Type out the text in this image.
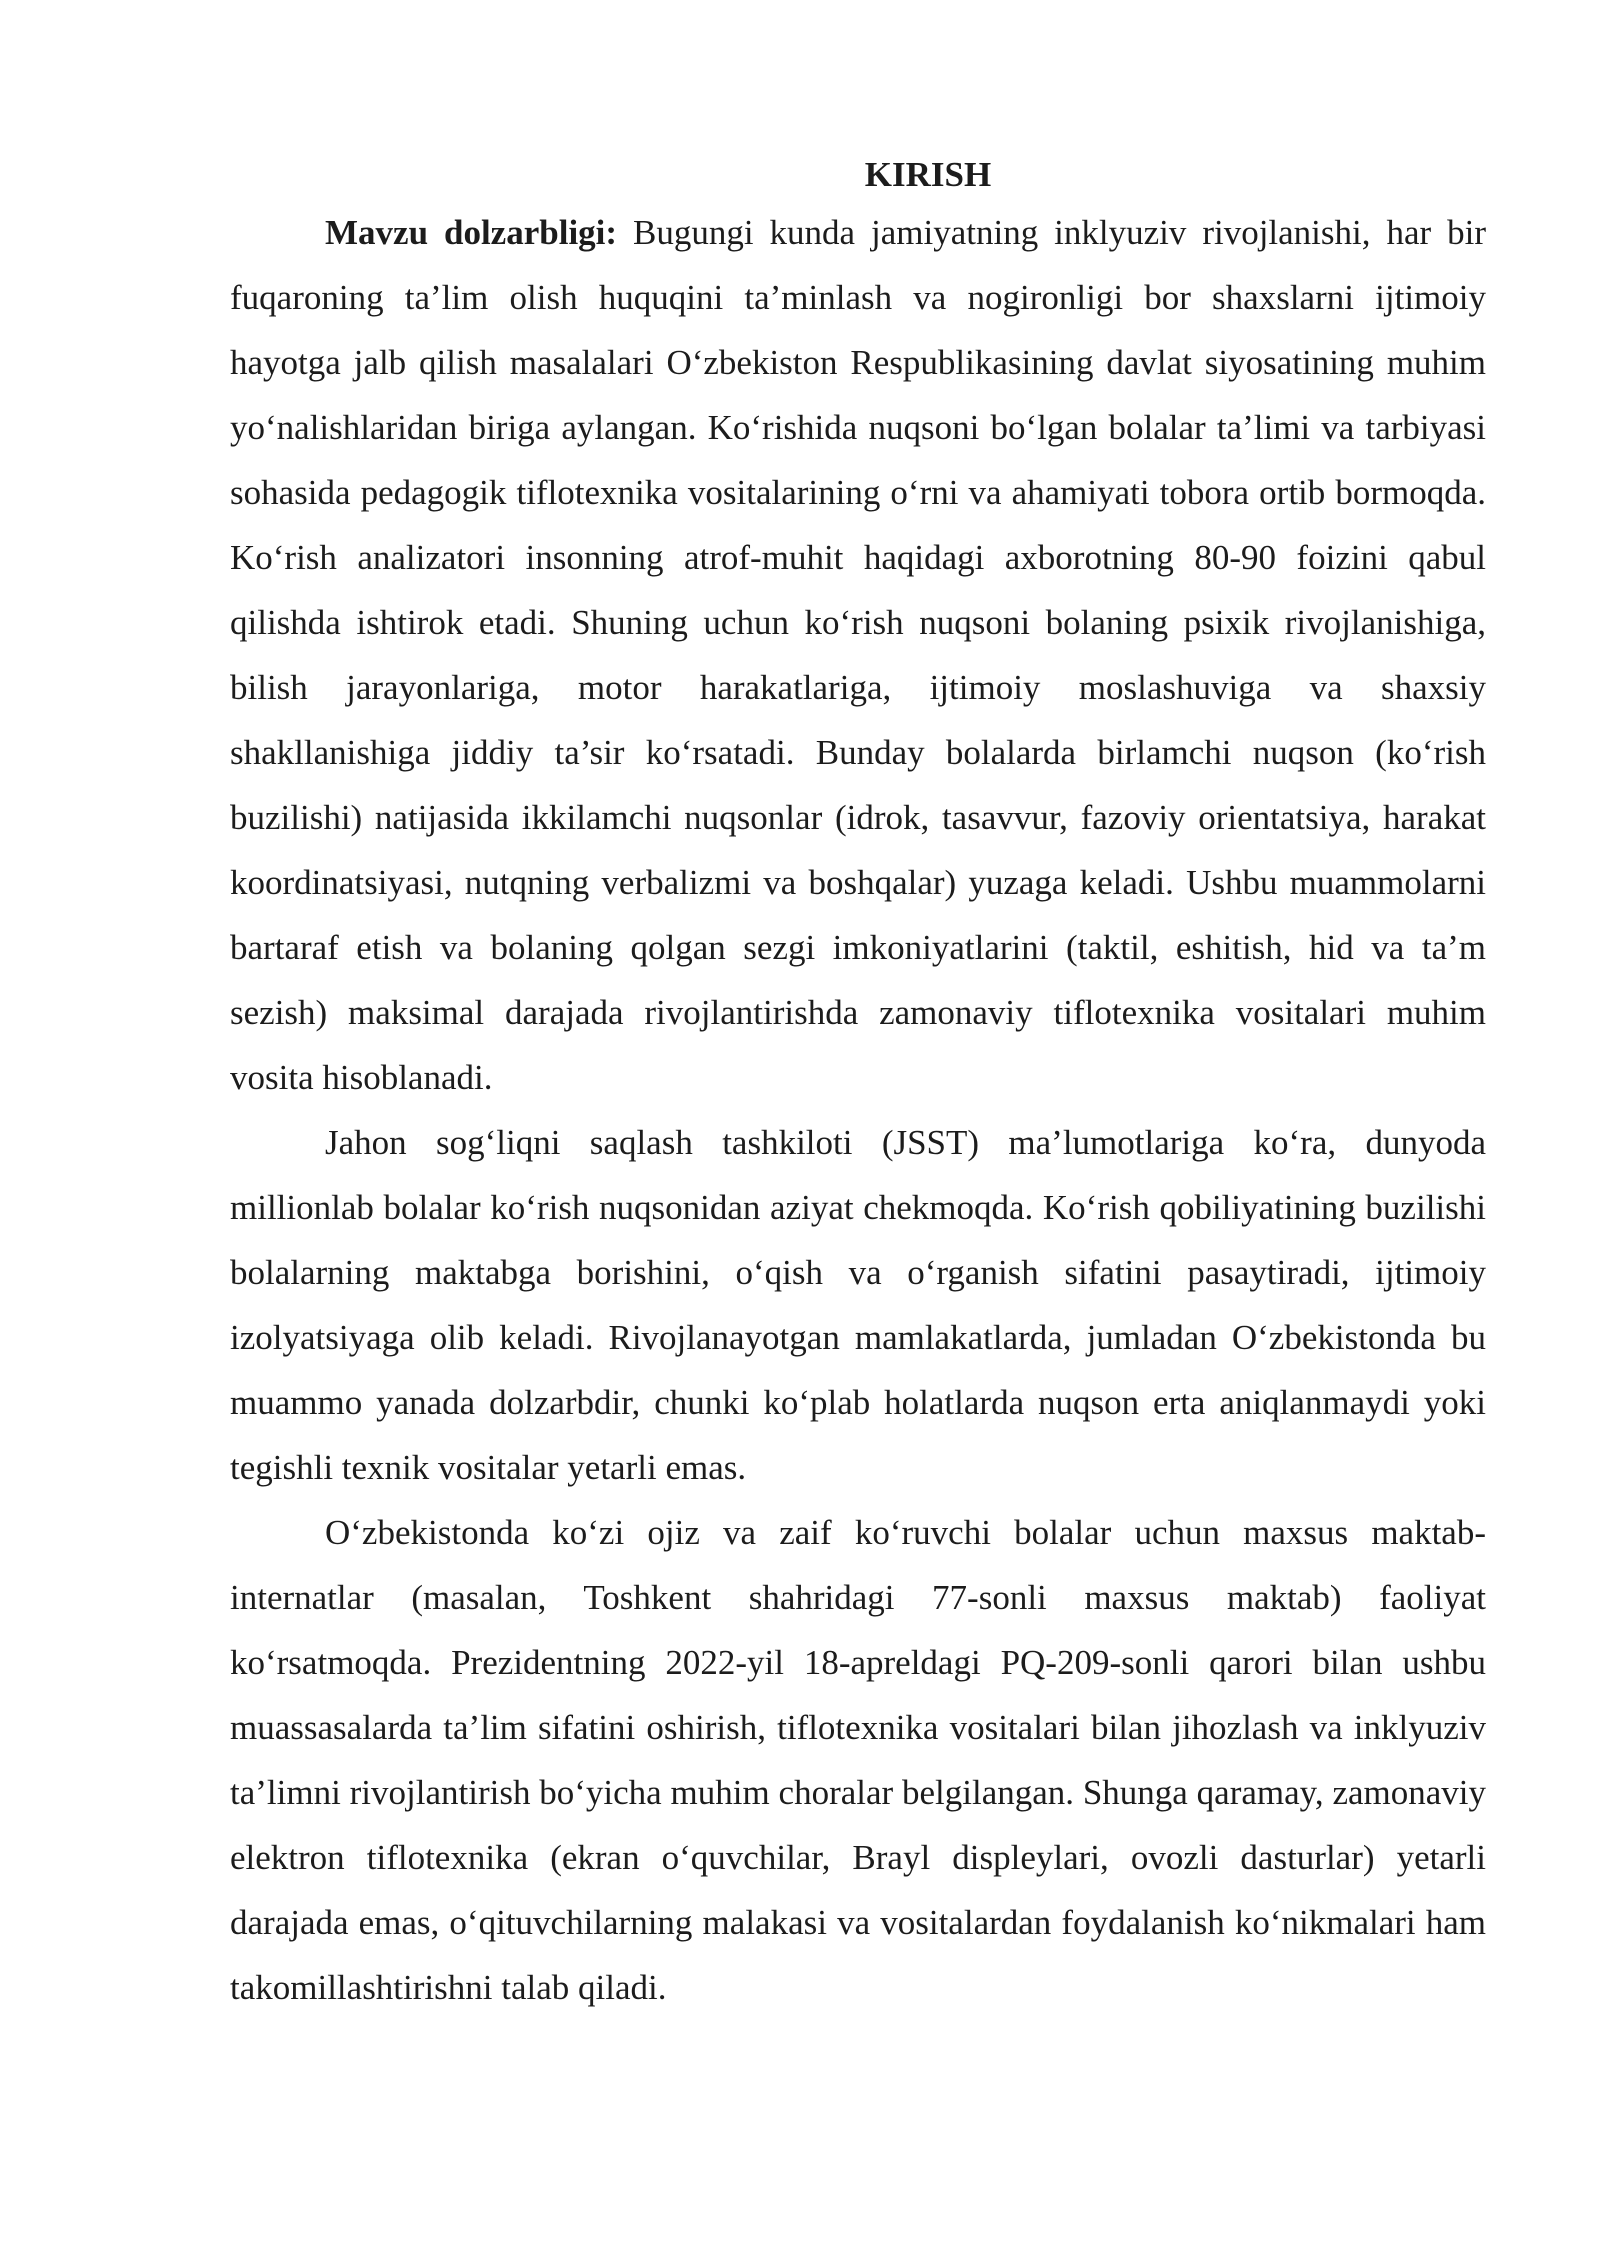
KIRISH

Mavzu dolzarbligi: Bugungi kunda jamiyatning inklyuziv rivojlanishi, har bir fuqaroning ta’lim olish huquqini ta’minlash va nogironligi bor shaxslarni ijtimoiy hayotga jalb qilish masalalari O‘zbekiston Respublikasining davlat siyosatining muhim yo‘nalishlaridan biriga aylangan. Ko‘rishida nuqsoni bo‘lgan bolalar ta’limi va tarbiyasi sohasida pedagogik tiflotexnika vositalarining o‘rni va ahamiyati tobora ortib bormoqda. Ko‘rish analizatori insonning atrof-muhit haqidagi axborotning 80-90 foizini qabul qilishda ishtirok etadi. Shuning uchun ko‘rish nuqsoni bolaning psixik rivojlanishiga, bilish jarayonlariga, motor harakatlariga, ijtimoiy moslashuviga va shaxsiy shakllanishiga jiddiy ta’sir ko‘rsatadi. Bunday bolalarda birlamchi nuqson (ko‘rish buzilishi) natijasida ikkilamchi nuqsonlar (idrok, tasavvur, fazoviy orientatsiya, harakat koordinatsiyasi, nutqning verbalizmi va boshqalar) yuzaga keladi. Ushbu muammolarni bartaraf etish va bolaning qolgan sezgi imkoniyatlarini (taktil, eshitish, hid va ta’m sezish) maksimal darajada rivojlantirishda zamonaviy tiflotexnika vositalari muhim vosita hisoblanadi.

Jahon sog‘liqni saqlash tashkiloti (JSST) ma’lumotlariga ko‘ra, dunyoda millionlab bolalar ko‘rish nuqsonidan aziyat chekmoqda. Ko‘rish qobiliyatining buzilishi bolalarning maktabga borishini, o‘qish va o‘rganish sifatini pasaytiradi, ijtimoiy izolyatsiyaga olib keladi. Rivojlanayotgan mamlakatlarda, jumladan O‘zbekistonda bu muammo yanada dolzarbdir, chunki ko‘plab holatlarda nuqson erta aniqlanmaydi yoki tegishli texnik vositalar yetarli emas.

O‘zbekistonda ko‘zi ojiz va zaif ko‘ruvchi bolalar uchun maxsus maktab-internatlar (masalan, Toshkent shahridagi 77-sonli maxsus maktab) faoliyat ko‘rsatmoqda. Prezidentning 2022-yil 18-apreldagi PQ-209-sonli qarori bilan ushbu muassasalarda ta’lim sifatini oshirish, tiflotexnika vositalari bilan jihozlash va inklyuziv ta’limni rivojlantirish bo‘yicha muhim choralar belgilangan. Shunga qaramay, zamonaviy elektron tiflotexnika (ekran o‘quvchilar, Brayl displeylari, ovozli dasturlar) yetarli darajada emas, o‘qituvchilarning malakasi va vositalardan foydalanish ko‘nikmalari ham takomillashtirishni talab qiladi.
